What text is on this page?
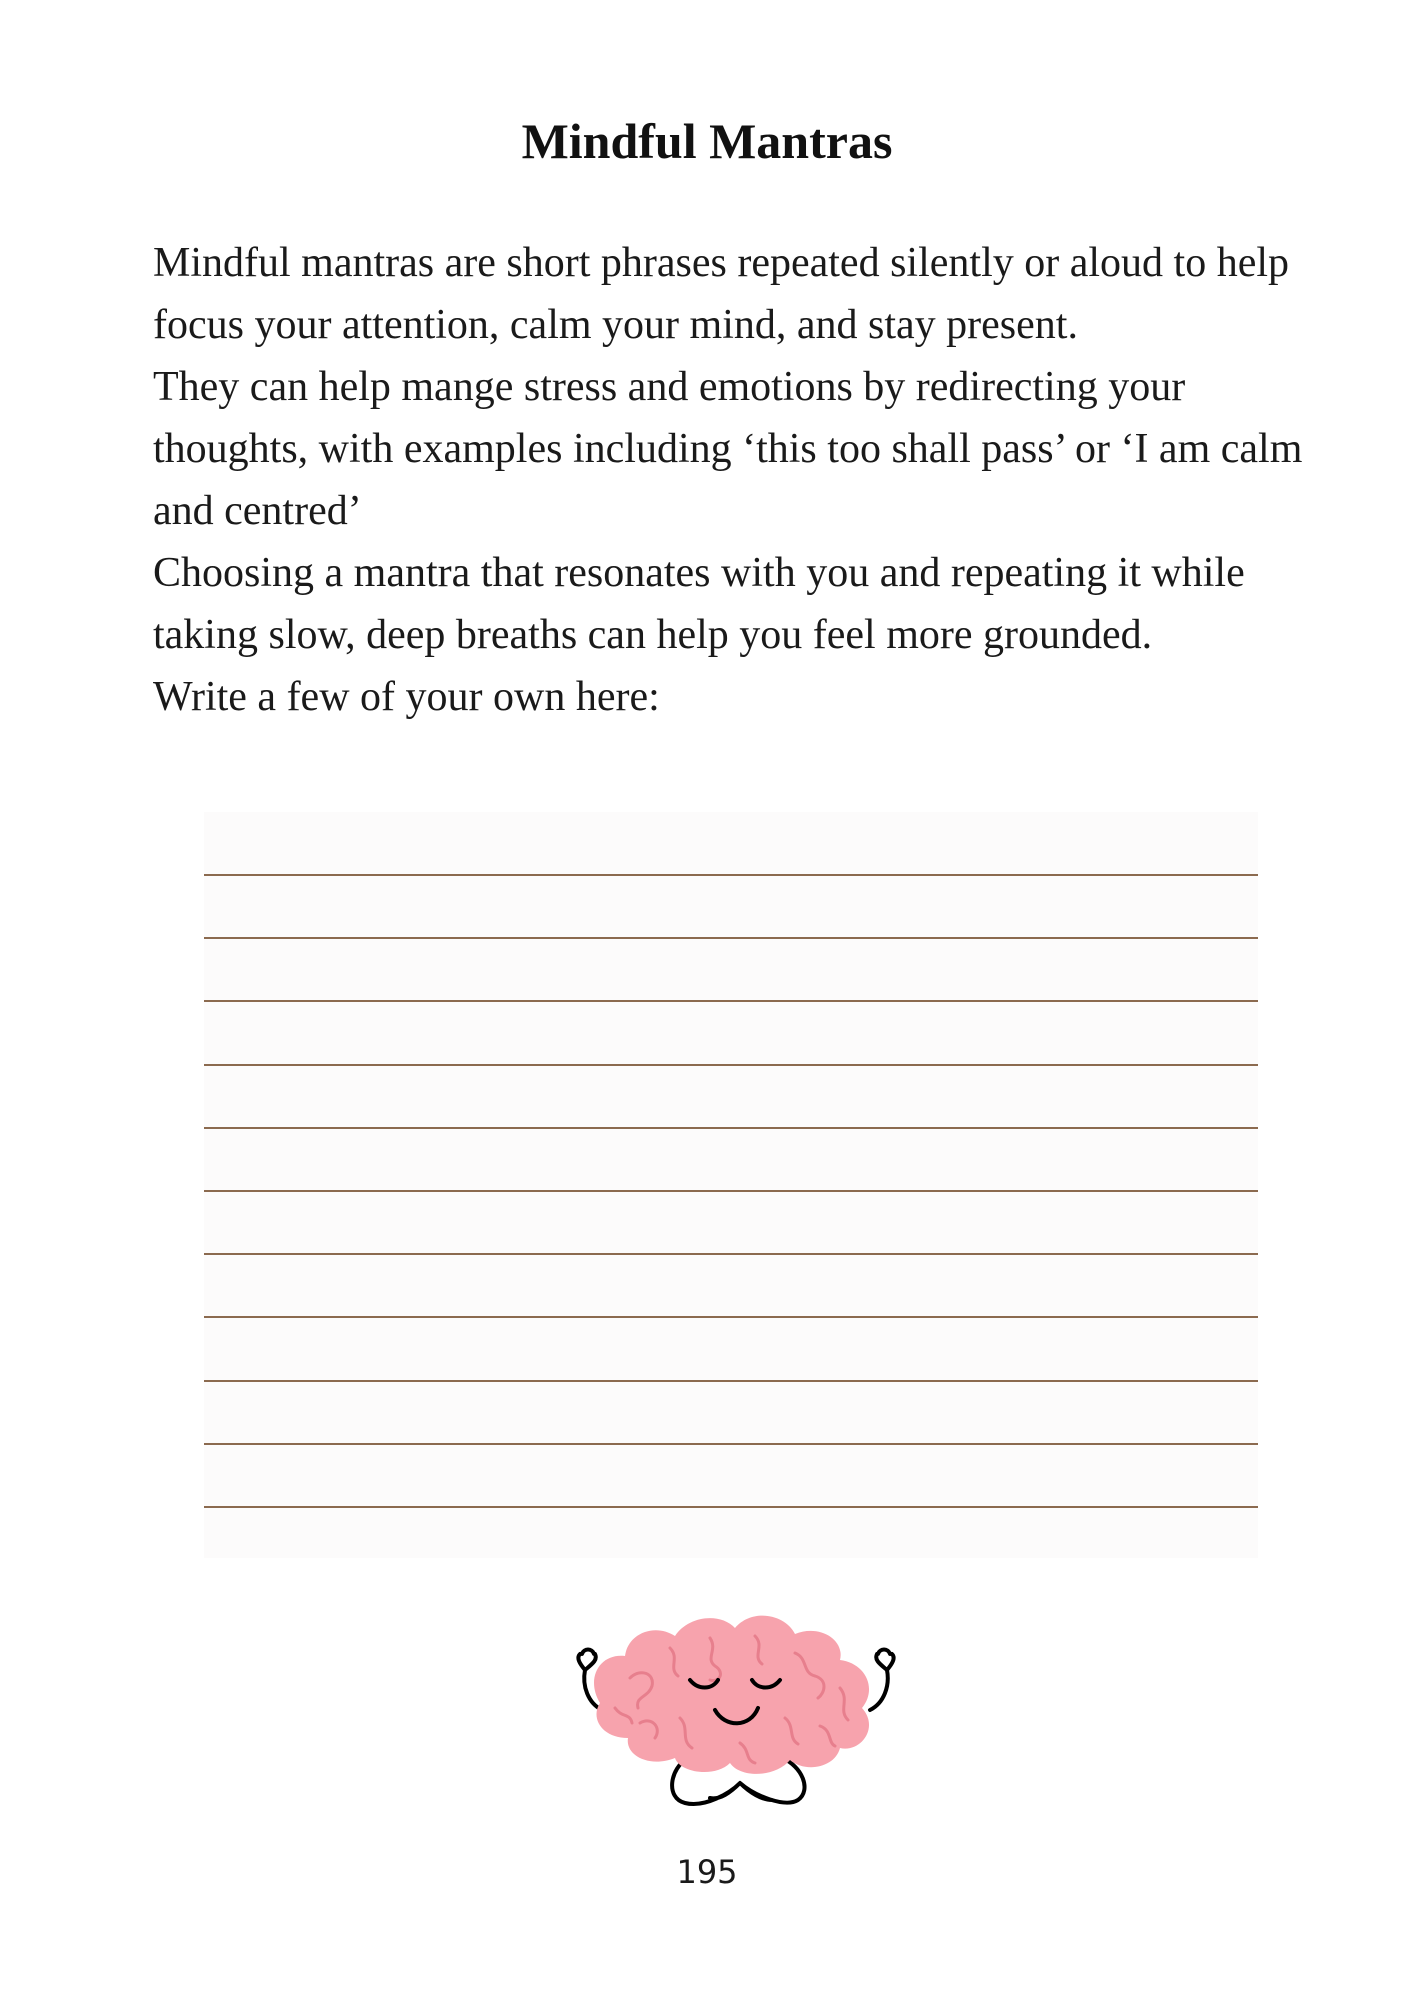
Mindful Mantras

Mindful mantras are short phrases repeated silently or aloud to help focus your attention, calm your mind, and stay present.

They can help mange stress and emotions by redirecting your thoughts, with examples including ‘this too shall pass’ or ‘I am calm and centred’

Choosing a mantra that resonates with you and repeating it while taking slow, deep breaths can help you feel more grounded.

Write a few of your own here:

195
